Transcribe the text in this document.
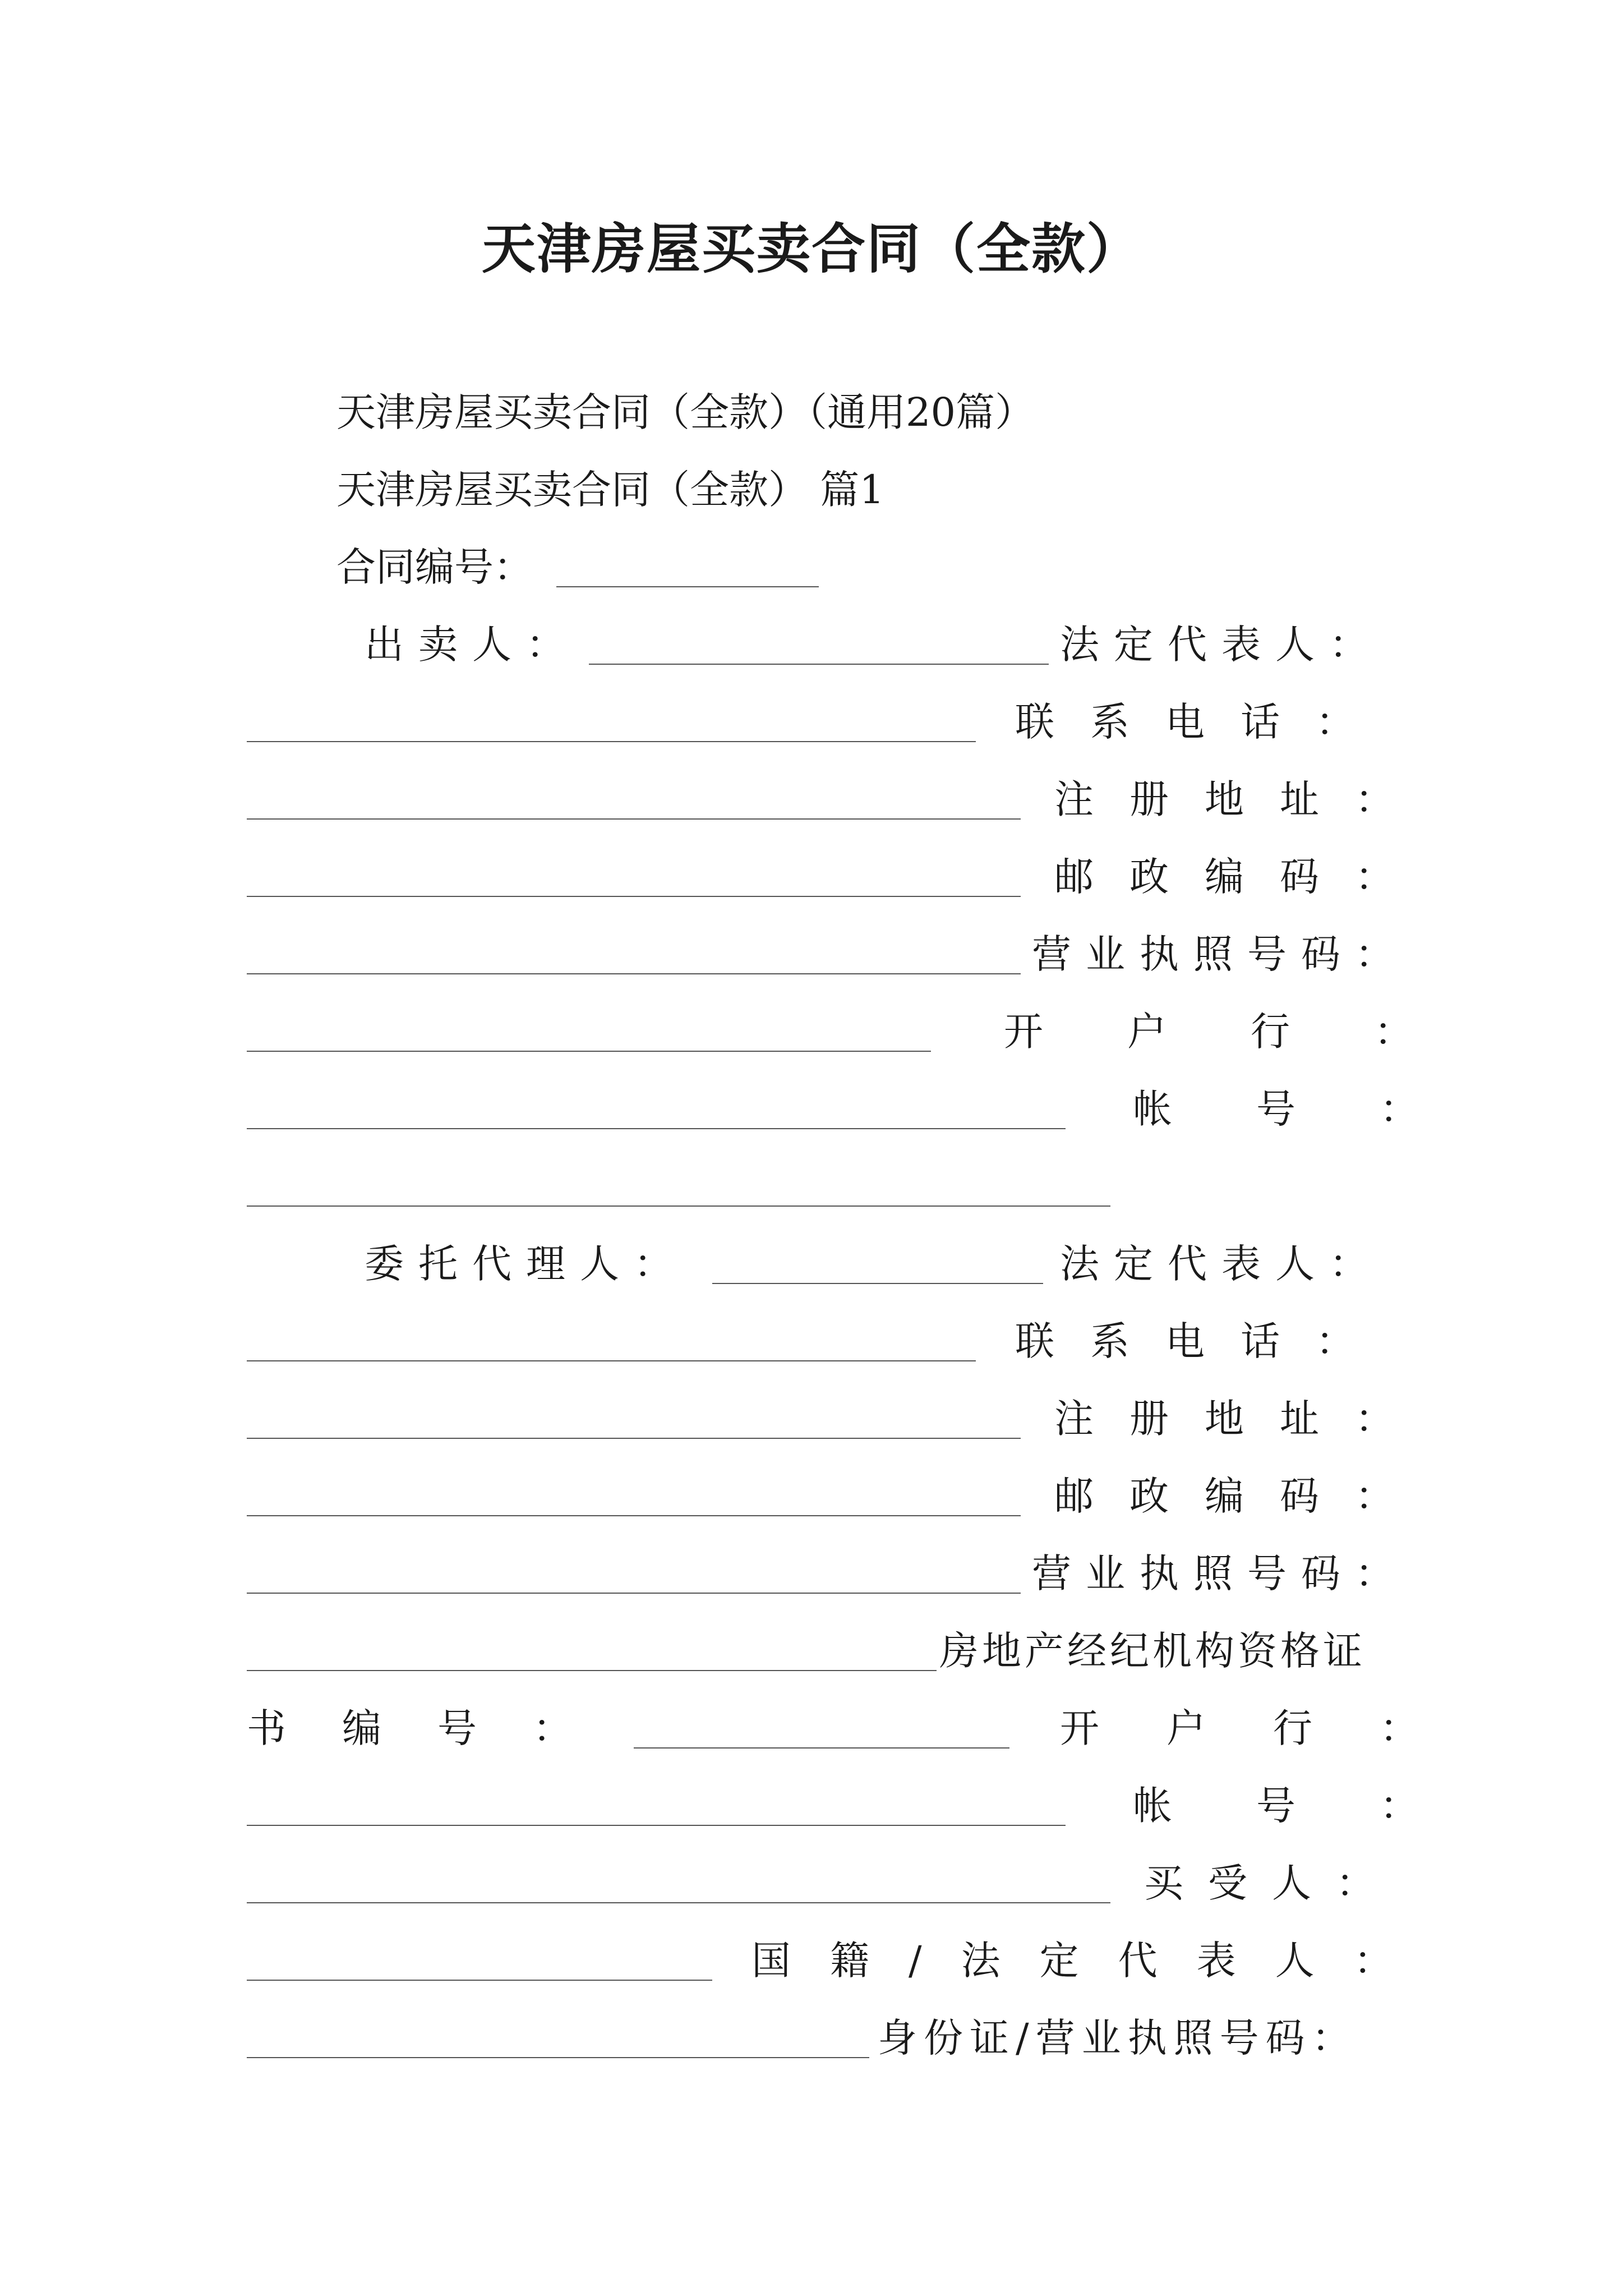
天津房屋买卖合同（全款）
天津房屋买卖合同（全款）（通用20篇）
天津房屋买卖合同（全款） 篇1
合同编号：
出卖人：	法定代表人：
联系电话：
注册地址：
邮政编码：
营业执照号码：
开户行：
帐号：
委托代理人：	法定代表人：
联系电话：
注册地址：
邮政编码：
营业执照号码：
房地产经纪机构资格证
书编号：	开户行：
帐号：
买受人：
国籍/法定代表人：
身份证/营业执照号码：
